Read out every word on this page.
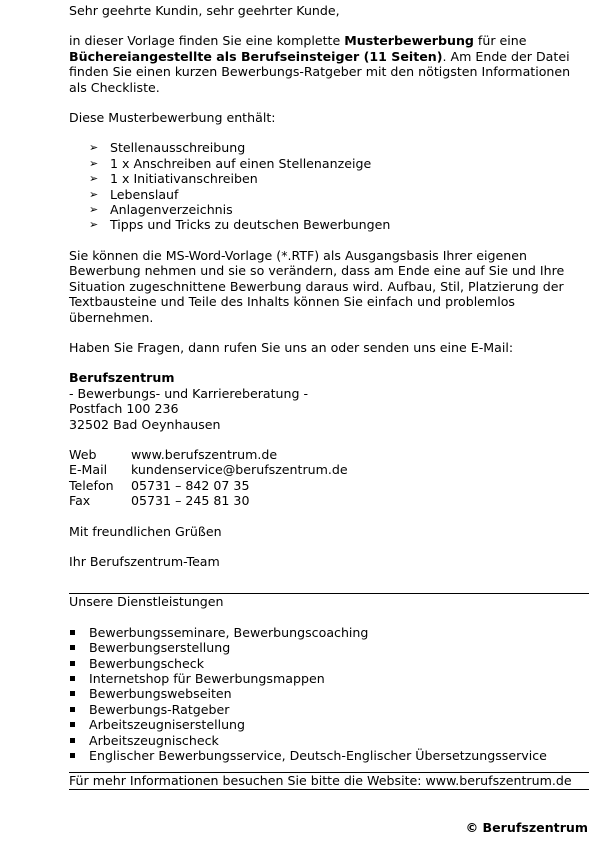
Sehr geehrte Kundin, sehr geehrter Kunde,

in dieser Vorlage finden Sie eine komplette Musterbewerbung für eine Büchereiangestellte als Berufseinsteiger (11 Seiten). Am Ende der Datei finden Sie einen kurzen Bewerbungs-Ratgeber mit den nötigsten Informationen als Checkliste.

Diese Musterbewerbung enthält:

➢ Stellenausschreibung
➢ 1 x Anschreiben auf einen Stellenanzeige
➢ 1 x Initiativanschreiben
➢ Lebenslauf
➢ Anlagenverzeichnis
➢ Tipps und Tricks zu deutschen Bewerbungen

Sie können die MS-Word-Vorlage (*.RTF) als Ausgangsbasis Ihrer eigenen Bewerbung nehmen und sie so verändern, dass am Ende eine auf Sie und Ihre Situation zugeschnittene Bewerbung daraus wird. Aufbau, Stil, Platzierung der Textbausteine und Teile des Inhalts können Sie einfach und problemlos übernehmen.

Haben Sie Fragen, dann rufen Sie uns an oder senden uns eine E-Mail:

Berufszentrum

- Bewerbungs- und Karriereberatung -

Postfach 100 236

32502 Bad Oeynhausen

Web	www.berufszentrum.de
E-Mail	kundenservice@berufszentrum.de
Telefon	05731 – 842 07 35
Fax	05731 – 245 81 30

Mit freundlichen Grüßen

Ihr Berufszentrum-Team

Unsere Dienstleistungen

Bewerbungsseminare, Bewerbungscoaching
Bewerbungserstellung
Bewerbungscheck
Internetshop für Bewerbungsmappen
Bewerbungswebseiten
Bewerbungs-Ratgeber
Arbeitszeugniserstellung
Arbeitszeugnischeck
Englischer Bewerbungsservice, Deutsch-Englischer Übersetzungsservice

Für mehr Informationen besuchen Sie bitte die Website: www.berufszentrum.de

© Berufszentrum
